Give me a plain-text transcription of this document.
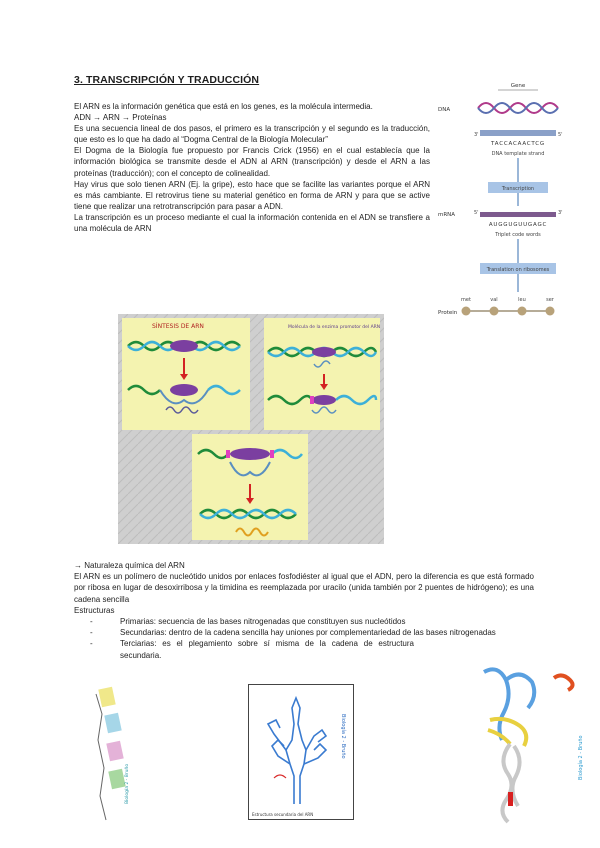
3. TRANSCRIPCIÓN Y TRADUCCIÓN

El ARN es la información genética que está en los genes, es la molécula intermedia.

ADN → ARN → Proteínas

Es una secuencia lineal de dos pasos, el primero es la transcripción y el segundo es la traducción, que esto es lo que ha dado al “Dogma Central de la Biología Molecular”

El Dogma de la Biología fue propuesto por Francis Crick (1956) en el cual establecía que la información biológica se transmite desde el ADN al ARN (transcripción) y desde el ARN a las proteínas (traducción); con el concepto de colinealidad.

Hay virus que solo tienen ARN (Ej. la gripe), esto hace que se facilite las variantes porque el ARN es más cambiante. El retrovirus tiene su material genético en forma de ARN y para que se active tiene que realizar una retrotranscripción para pasar a ADN.

La transcripción es un proceso mediante el cual la información contenida en el ADN se transfiere a una molécula de ARN

Gene
DNA
3'	5'
TACCACAACTCG
DNA template strand
Transcription
mRNA	5'	3'
AUGGUGUUGAGC
Triplet code words
Translation on ribosomes
met	val	leu	ser
Protein
SÍNTESIS DE ARN	Molécula de la enzima promotor del ARN

→ Naturaleza química del ARN

El ARN es un polímero de nucleótido unidos por enlaces fosfodiéster al igual que el ADN, pero la diferencia es que está formado por ribosa en lugar de desoxirribosa y la timidina es reemplazada por uracilo (unida también por 2 puentes de hidrógeno); es una cadena sencilla

Estructuras

-	Primarias: secuencia de las bases nitrogenadas que constituyen sus nucleótidos
-	Secundarias: dentro de la cadena sencilla hay uniones por complementariedad de las bases nitrogenadas
-	Terciarias: es el plegamiento sobre sí misma de la cadena de estructura secundaria.
Biología 2 - Bruño
Biología 2 - Bruño
Estructura secundaria del ARN
Biología 2 - Bruño
